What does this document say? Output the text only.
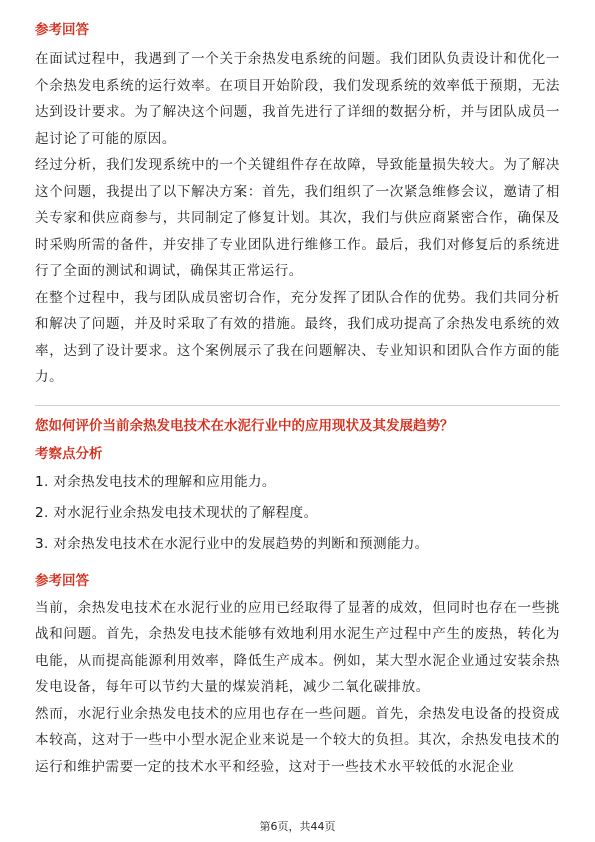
参考回答

在面试过程中，我遇到了一个关于余热发电系统的问题。我们团队负责设计和优化一个余热发电系统的运行效率。在项目开始阶段，我们发现系统的效率低于预期，无法达到设计要求。为了解决这个问题，我首先进行了详细的数据分析，并与团队成员一起讨论了可能的原因。

经过分析，我们发现系统中的一个关键组件存在故障，导致能量损失较大。为了解决这个问题，我提出了以下解决方案：首先，我们组织了一次紧急维修会议，邀请了相关专家和供应商参与，共同制定了修复计划。其次，我们与供应商紧密合作，确保及时采购所需的备件，并安排了专业团队进行维修工作。最后，我们对修复后的系统进行了全面的测试和调试，确保其正常运行。

在整个过程中，我与团队成员密切合作，充分发挥了团队合作的优势。我们共同分析和解决了问题，并及时采取了有效的措施。最终，我们成功提高了余热发电系统的效率，达到了设计要求。这个案例展示了我在问题解决、专业知识和团队合作方面的能力。

您如何评价当前余热发电技术在水泥行业中的应用现状及其发展趋势？

考察点分析

1. 对余热发电技术的理解和应用能力。

2. 对水泥行业余热发电技术现状的了解程度。

3. 对余热发电技术在水泥行业中的发展趋势的判断和预测能力。

参考回答

当前，余热发电技术在水泥行业的应用已经取得了显著的成效，但同时也存在一些挑战和问题。首先，余热发电技术能够有效地利用水泥生产过程中产生的废热，转化为电能，从而提高能源利用效率，降低生产成本。例如，某大型水泥企业通过安装余热发电设备，每年可以节约大量的煤炭消耗，减少二氧化碳排放。

然而，水泥行业余热发电技术的应用也存在一些问题。首先，余热发电设备的投资成本较高，这对于一些中小型水泥企业来说是一个较大的负担。其次，余热发电技术的运行和维护需要一定的技术水平和经验，这对于一些技术水平较低的水泥企业

第6页，共44页
